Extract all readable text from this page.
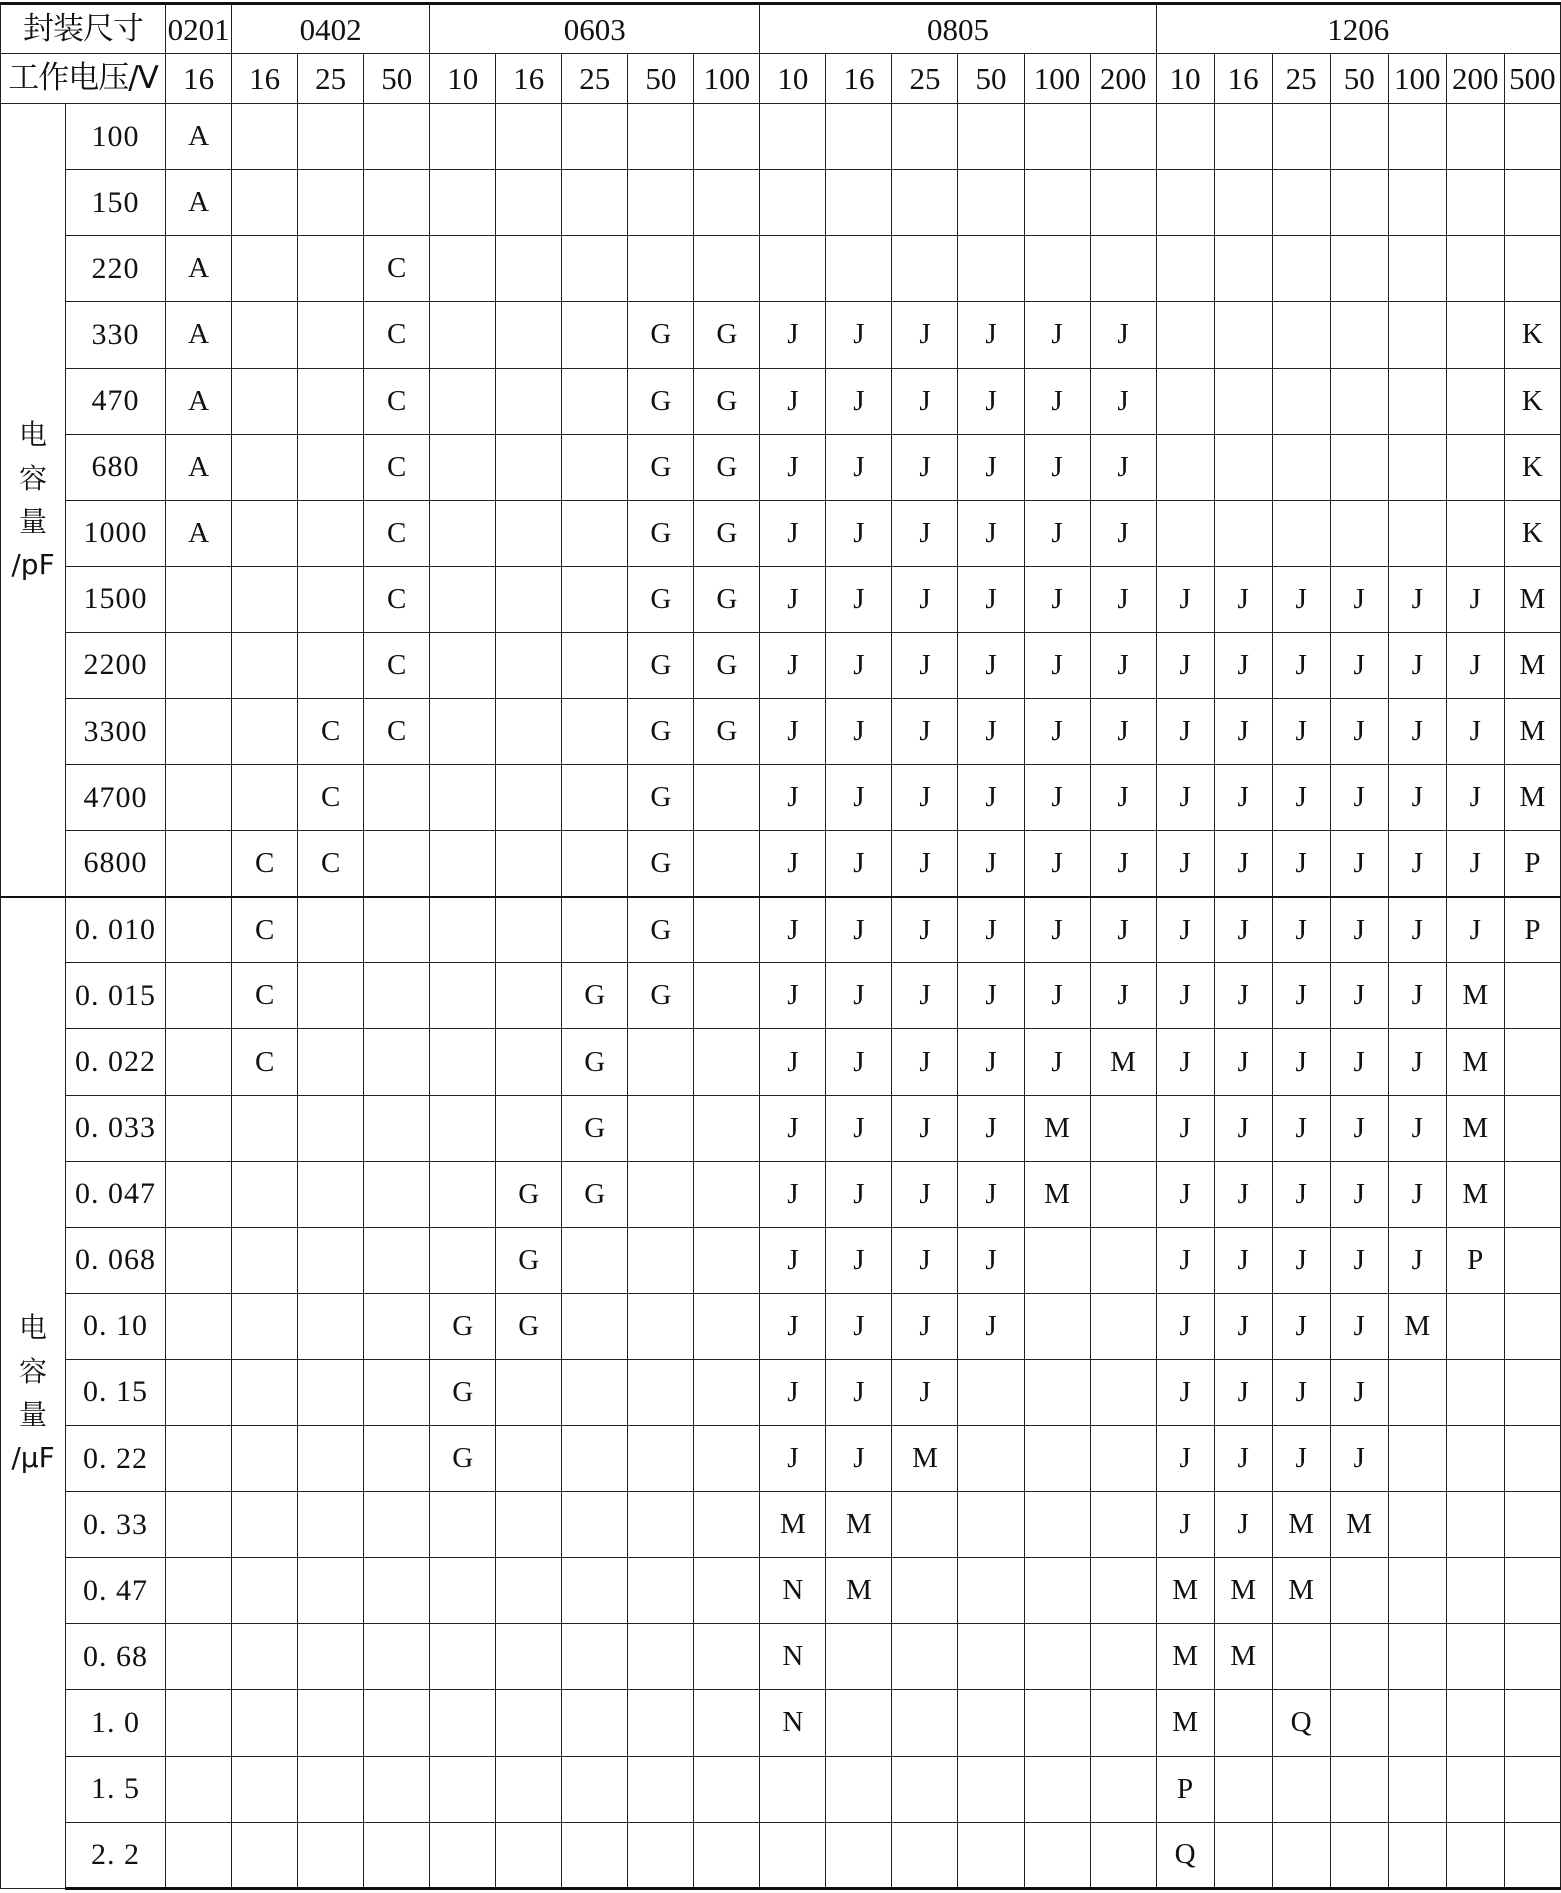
封装尺寸		0201	0402			0603					0805						1206						
工作电压/V		16	16	25	50	10	16	25	50	100	10	16	25	50	100	200	10	16	25	50	100	200	500

电
容
量
/pF	100	A																					
	150	A																					
	220	A			C																		
	330	A			C				G	G	J	J	J	J	J	J							K
	470	A			C				G	G	J	J	J	J	J	J							K
	680	A			C				G	G	J	J	J	J	J	J							K
	1000	A			C				G	G	J	J	J	J	J	J							K
	1500				C				G	G	J	J	J	J	J	J	J	J	J	J	J	J	M
	2200				C				G	G	J	J	J	J	J	J	J	J	J	J	J	J	M
	3300			C	C				G	G	J	J	J	J	J	J	J	J	J	J	J	J	M
	4700			C					G		J	J	J	J	J	J	J	J	J	J	J	J	M
	6800		C	C					G		J	J	J	J	J	J	J	J	J	J	J	J	P

电
容
量
/μF	0. 010		C						G		J	J	J	J	J	J	J	J	J	J	J	J	P
	0. 015		C					G	G		J	J	J	J	J	J	J	J	J	J	J	M	
	0. 022		C					G			J	J	J	J	J	M	J	J	J	J	J	M	
	0. 033							G			J	J	J	J	M		J	J	J	J	J	M	
	0. 047						G	G			J	J	J	J	M		J	J	J	J	J	M	
	0. 068						G				J	J	J	J			J	J	J	J	J	P	
	0. 10					G	G				J	J	J	J			J	J	J	J	M		
	0. 15					G					J	J	J				J	J	J	J			
	0. 22					G					J	J	M				J	J	J	J			
	0. 33										M	M					J	J	M	M			
	0. 47										N	M					M	M	M				
	0. 68										N						M	M					
	1. 0										N						M		Q				
	1. 5																P						
	2. 2																Q						
